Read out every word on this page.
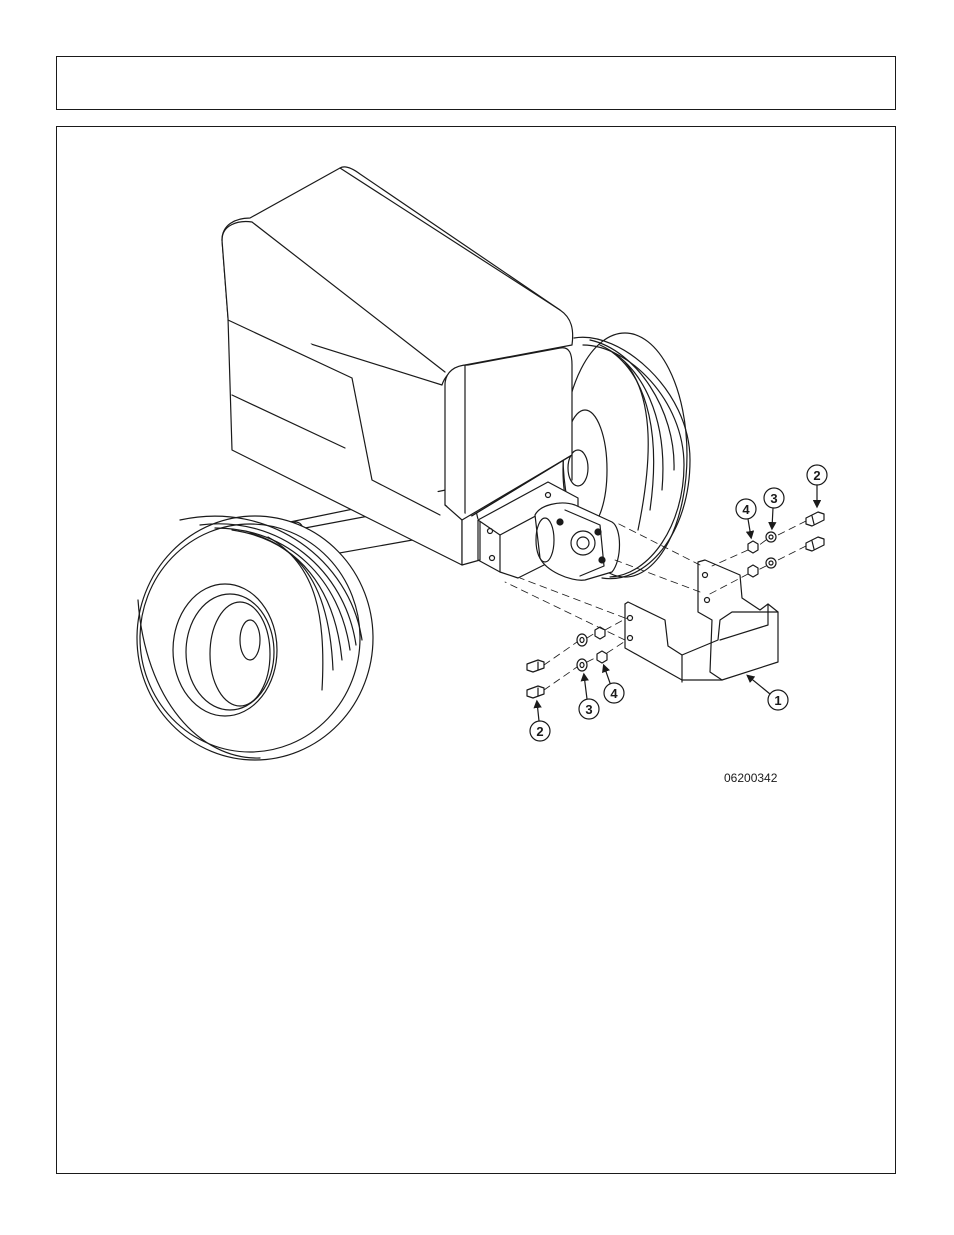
2
3
4
1
4
3
2
06200342
